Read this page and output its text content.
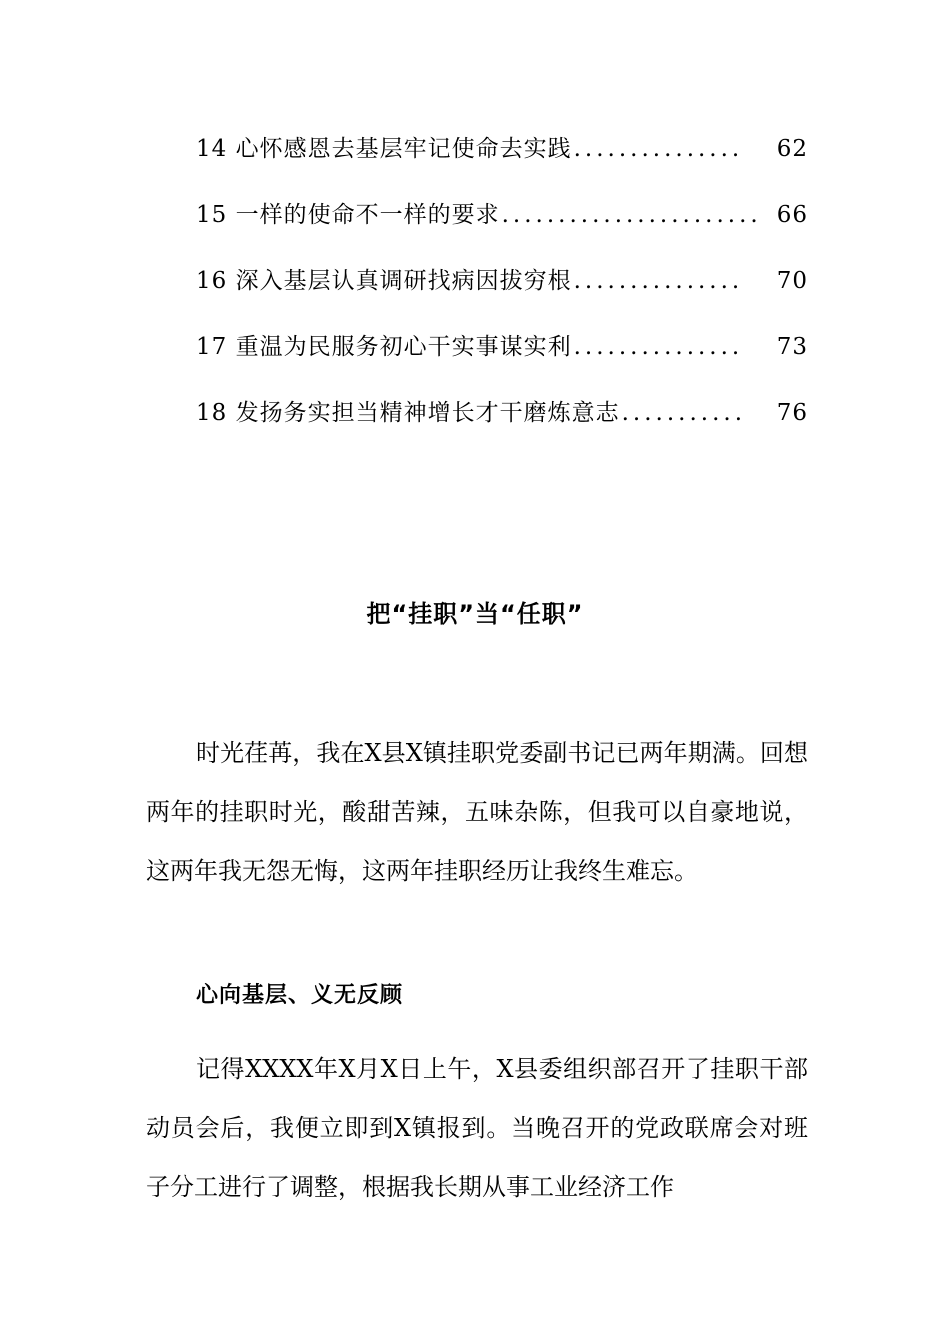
14 心怀感恩去基层牢记使命去实践 ...............	62
15 一样的使命不一样的要求 ....................... 66
16 深入基层认真调研找病因拔穷根 ...............	70
17 重温为民服务初心干实事谋实利 ...............	73
18 发扬务实担当精神增长才干磨炼意志 ...........	76
把“挂职”当“任职”

时光荏苒，我在X县X镇挂职党委副书记已两年期满。回想两年的挂职时光，酸甜苦辣，五味杂陈，但我可以自豪地说，这两年我无怨无悔，这两年挂职经历让我终生难忘。

心向基层、义无反顾

记得XXXX年X月X日上午，X县委组织部召开了挂职干部动员会后，我便立即到X镇报到。当晚召开的党政联席会对班子分工进行了调整，根据我长期从事工业经济工作
